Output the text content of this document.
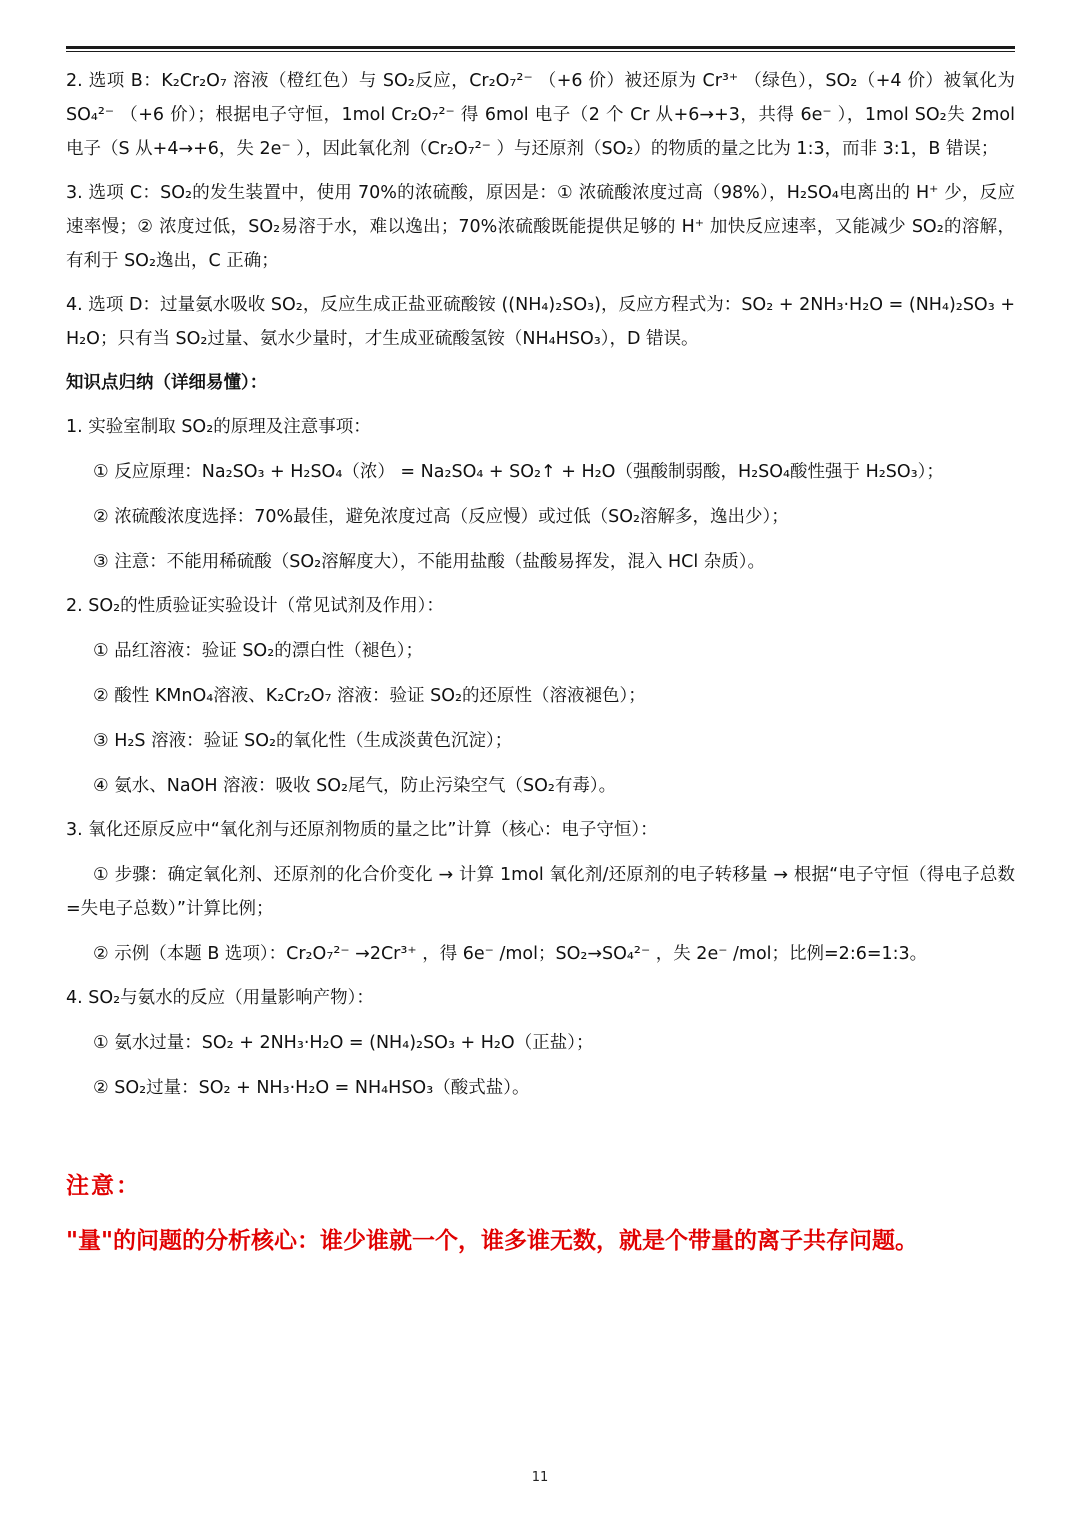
2. 选项 B：K₂Cr₂O₇ 溶液（橙红色）与 SO₂反应，Cr₂O₇²⁻ （+6 价）被还原为 Cr³⁺ （绿色），SO₂（+4 价）被氧化为 SO₄²⁻ （+6 价）；根据电子守恒，1mol Cr₂O₇²⁻ 得 6mol 电子（2 个 Cr 从+6→+3，共得 6e⁻ ），1mol SO₂失 2mol 电子（S 从+4→+6，失 2e⁻ ），因此氧化剂（Cr₂O₇²⁻ ）与还原剂（SO₂）的物质的量之比为 1:3，而非 3:1，B 错误；

3. 选项 C：SO₂的发生装置中，使用 70%的浓硫酸，原因是：① 浓硫酸浓度过高（98%），H₂SO₄电离出的 H⁺ 少，反应速率慢；② 浓度过低，SO₂易溶于水，难以逸出；70%浓硫酸既能提供足够的 H⁺ 加快反应速率，又能减少 SO₂的溶解，有利于 SO₂逸出，C 正确；

4. 选项 D：过量氨水吸收 SO₂，反应生成正盐亚硫酸铵 ((NH₄)₂SO₃)，反应方程式为：SO₂ + 2NH₃·H₂O = (NH₄)₂SO₃ + H₂O；只有当 SO₂过量、氨水少量时，才生成亚硫酸氢铵（NH₄HSO₃），D 错误。

知识点归纳（详细易懂）：

1. 实验室制取 SO₂的原理及注意事项：

① 反应原理：Na₂SO₃ + H₂SO₄（浓） = Na₂SO₄ + SO₂↑ + H₂O（强酸制弱酸，H₂SO₄酸性强于 H₂SO₃）；

② 浓硫酸浓度选择：70%最佳，避免浓度过高（反应慢）或过低（SO₂溶解多，逸出少）；

③ 注意：不能用稀硫酸（SO₂溶解度大），不能用盐酸（盐酸易挥发，混入 HCl 杂质）。

2. SO₂的性质验证实验设计（常见试剂及作用）：

① 品红溶液：验证 SO₂的漂白性（褪色）；

② 酸性 KMnO₄溶液、K₂Cr₂O₇ 溶液：验证 SO₂的还原性（溶液褪色）；

③ H₂S 溶液：验证 SO₂的氧化性（生成淡黄色沉淀）；

④ 氨水、NaOH 溶液：吸收 SO₂尾气，防止污染空气（SO₂有毒）。

3. 氧化还原反应中“氧化剂与还原剂物质的量之比”计算（核心：电子守恒）：

① 步骤：确定氧化剂、还原剂的化合价变化 → 计算 1mol 氧化剂/还原剂的电子转移量 → 根据“电子守恒（得电子总数=失电子总数）”计算比例；

② 示例（本题 B 选项）：Cr₂O₇²⁻ →2Cr³⁺ ，得 6e⁻ /mol；SO₂→SO₄²⁻ ，失 2e⁻ /mol；比例=2:6=1:3。

4. SO₂与氨水的反应（用量影响产物）：

① 氨水过量：SO₂ + 2NH₃·H₂O = (NH₄)₂SO₃ + H₂O（正盐）；

② SO₂过量：SO₂ + NH₃·H₂O = NH₄HSO₃（酸式盐）。

注意：
"量"的问题的分析核心：谁少谁就一个，谁多谁无数，就是个带量的离子共存问题。
11
